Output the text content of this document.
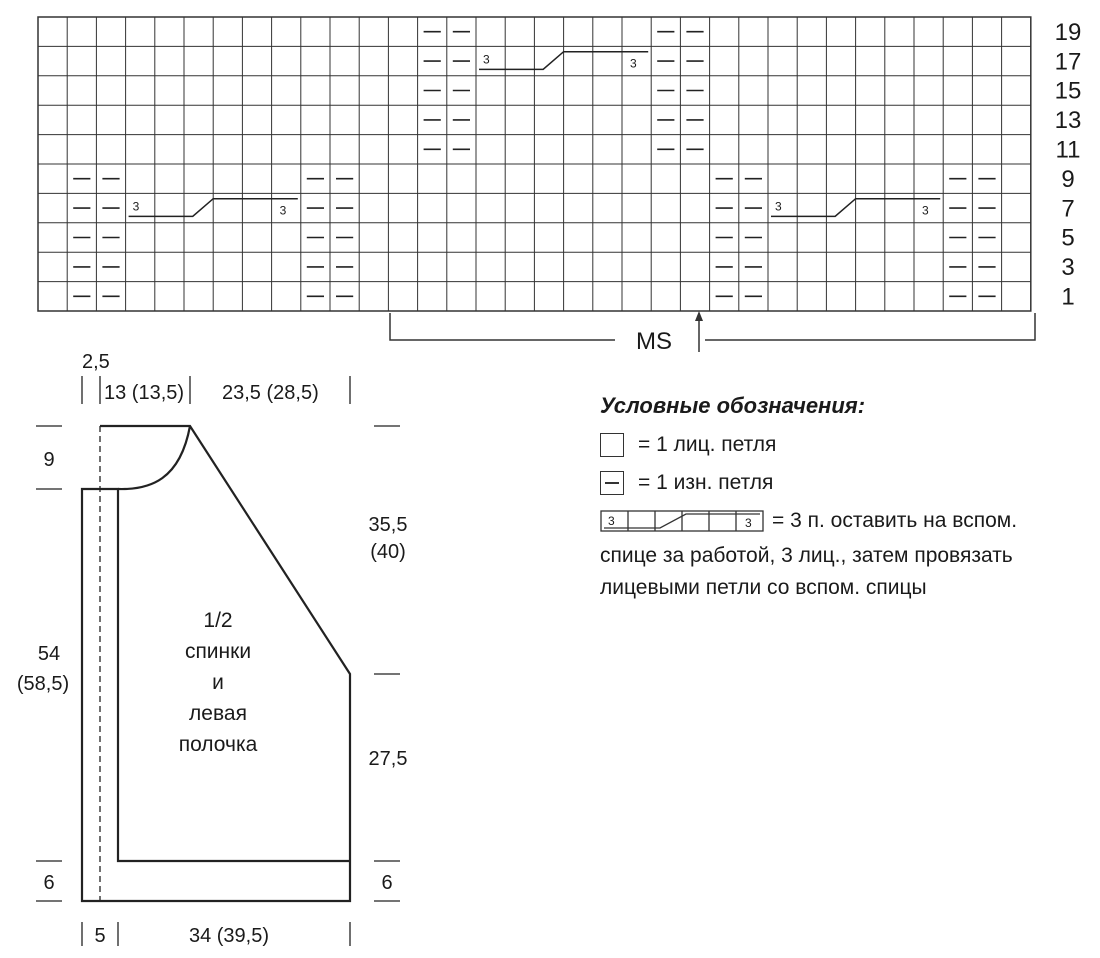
3	3
3	3	3	3
19
17
15
13
11
9
7
5
3
1
MS
2,5
13 (13,5) 23,5 (28,5)
9
54
(58,5)
6
35,5
(40)
27,5
6
5	34 (39,5)
1/2
спинки
и
левая
полочка
Условные обозначения:
= 1 лиц. петля
= 1 изн. петля
3	3 = 3 п. оставить на вспом.
спице за работой, 3 лиц., затем провязать
лицевыми петли со вспом. спицы
